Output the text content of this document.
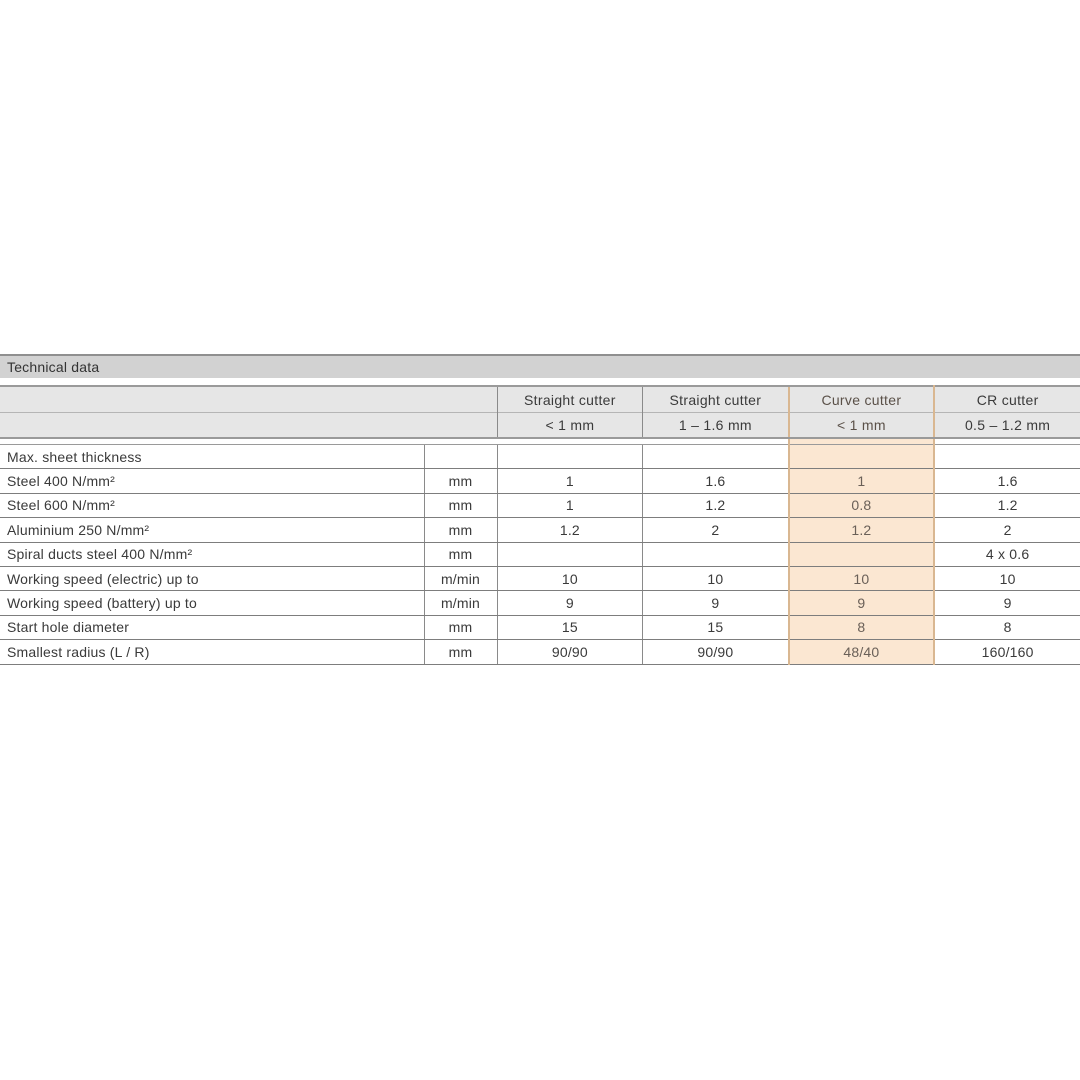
Technical data
		Straight cutter	Straight cutter	Curve cutter	CR cutter
		< 1 mm	1 – 1.6 mm	< 1 mm	0.5 – 1.2 mm

Max. sheet thickness					
Steel 400 N/mm²	mm	1	1.6	1	1.6
Steel 600 N/mm²	mm	1	1.2	0.8	1.2
Aluminium 250 N/mm²	mm	1.2	2	1.2	2
Spiral ducts steel 400 N/mm²	mm				4 x 0.6
Working speed (electric) up to	m/min	10	10	10	10
Working speed (battery) up to	m/min	9	9	9	9
Start hole diameter	mm	15	15	8	8
Smallest radius (L / R)	mm	90/90	90/90	48/40	160/160
